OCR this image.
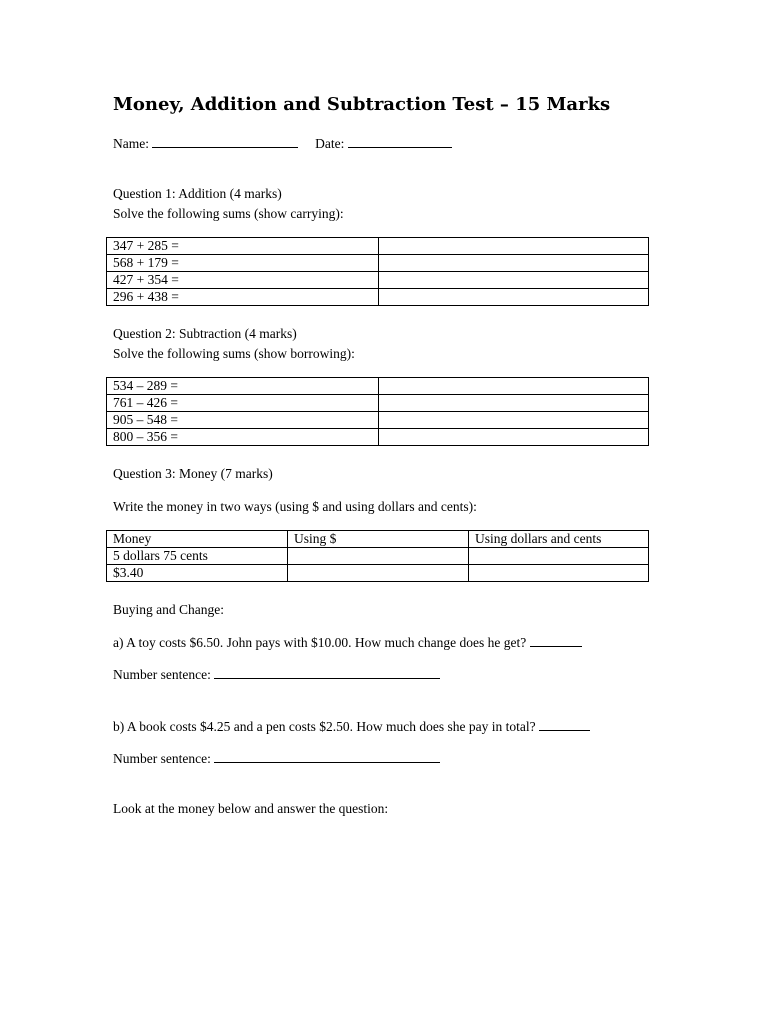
Money, Addition and Subtraction Test – 15 Marks
Name:	Date:
Question 1: Addition (4 marks)
Solve the following sums (show carrying):
347 + 285 =	
568 + 179 =	
427 + 354 =	
296 + 438 =	
Question 2: Subtraction (4 marks)
Solve the following sums (show borrowing):
534 – 289 =	
761 – 426 =	
905 – 548 =	
800 – 356 =	
Question 3: Money (7 marks)
Write the money in two ways (using $ and using dollars and cents):
Money	Using $	Using dollars and cents
5 dollars 75 cents		
$3.40		
Buying and Change:
a) A toy costs $6.50. John pays with $10.00. How much change does he get?
Number sentence:
b) A book costs $4.25 and a pen costs $2.50. How much does she pay in total?
Number sentence:
Look at the money below and answer the question:
